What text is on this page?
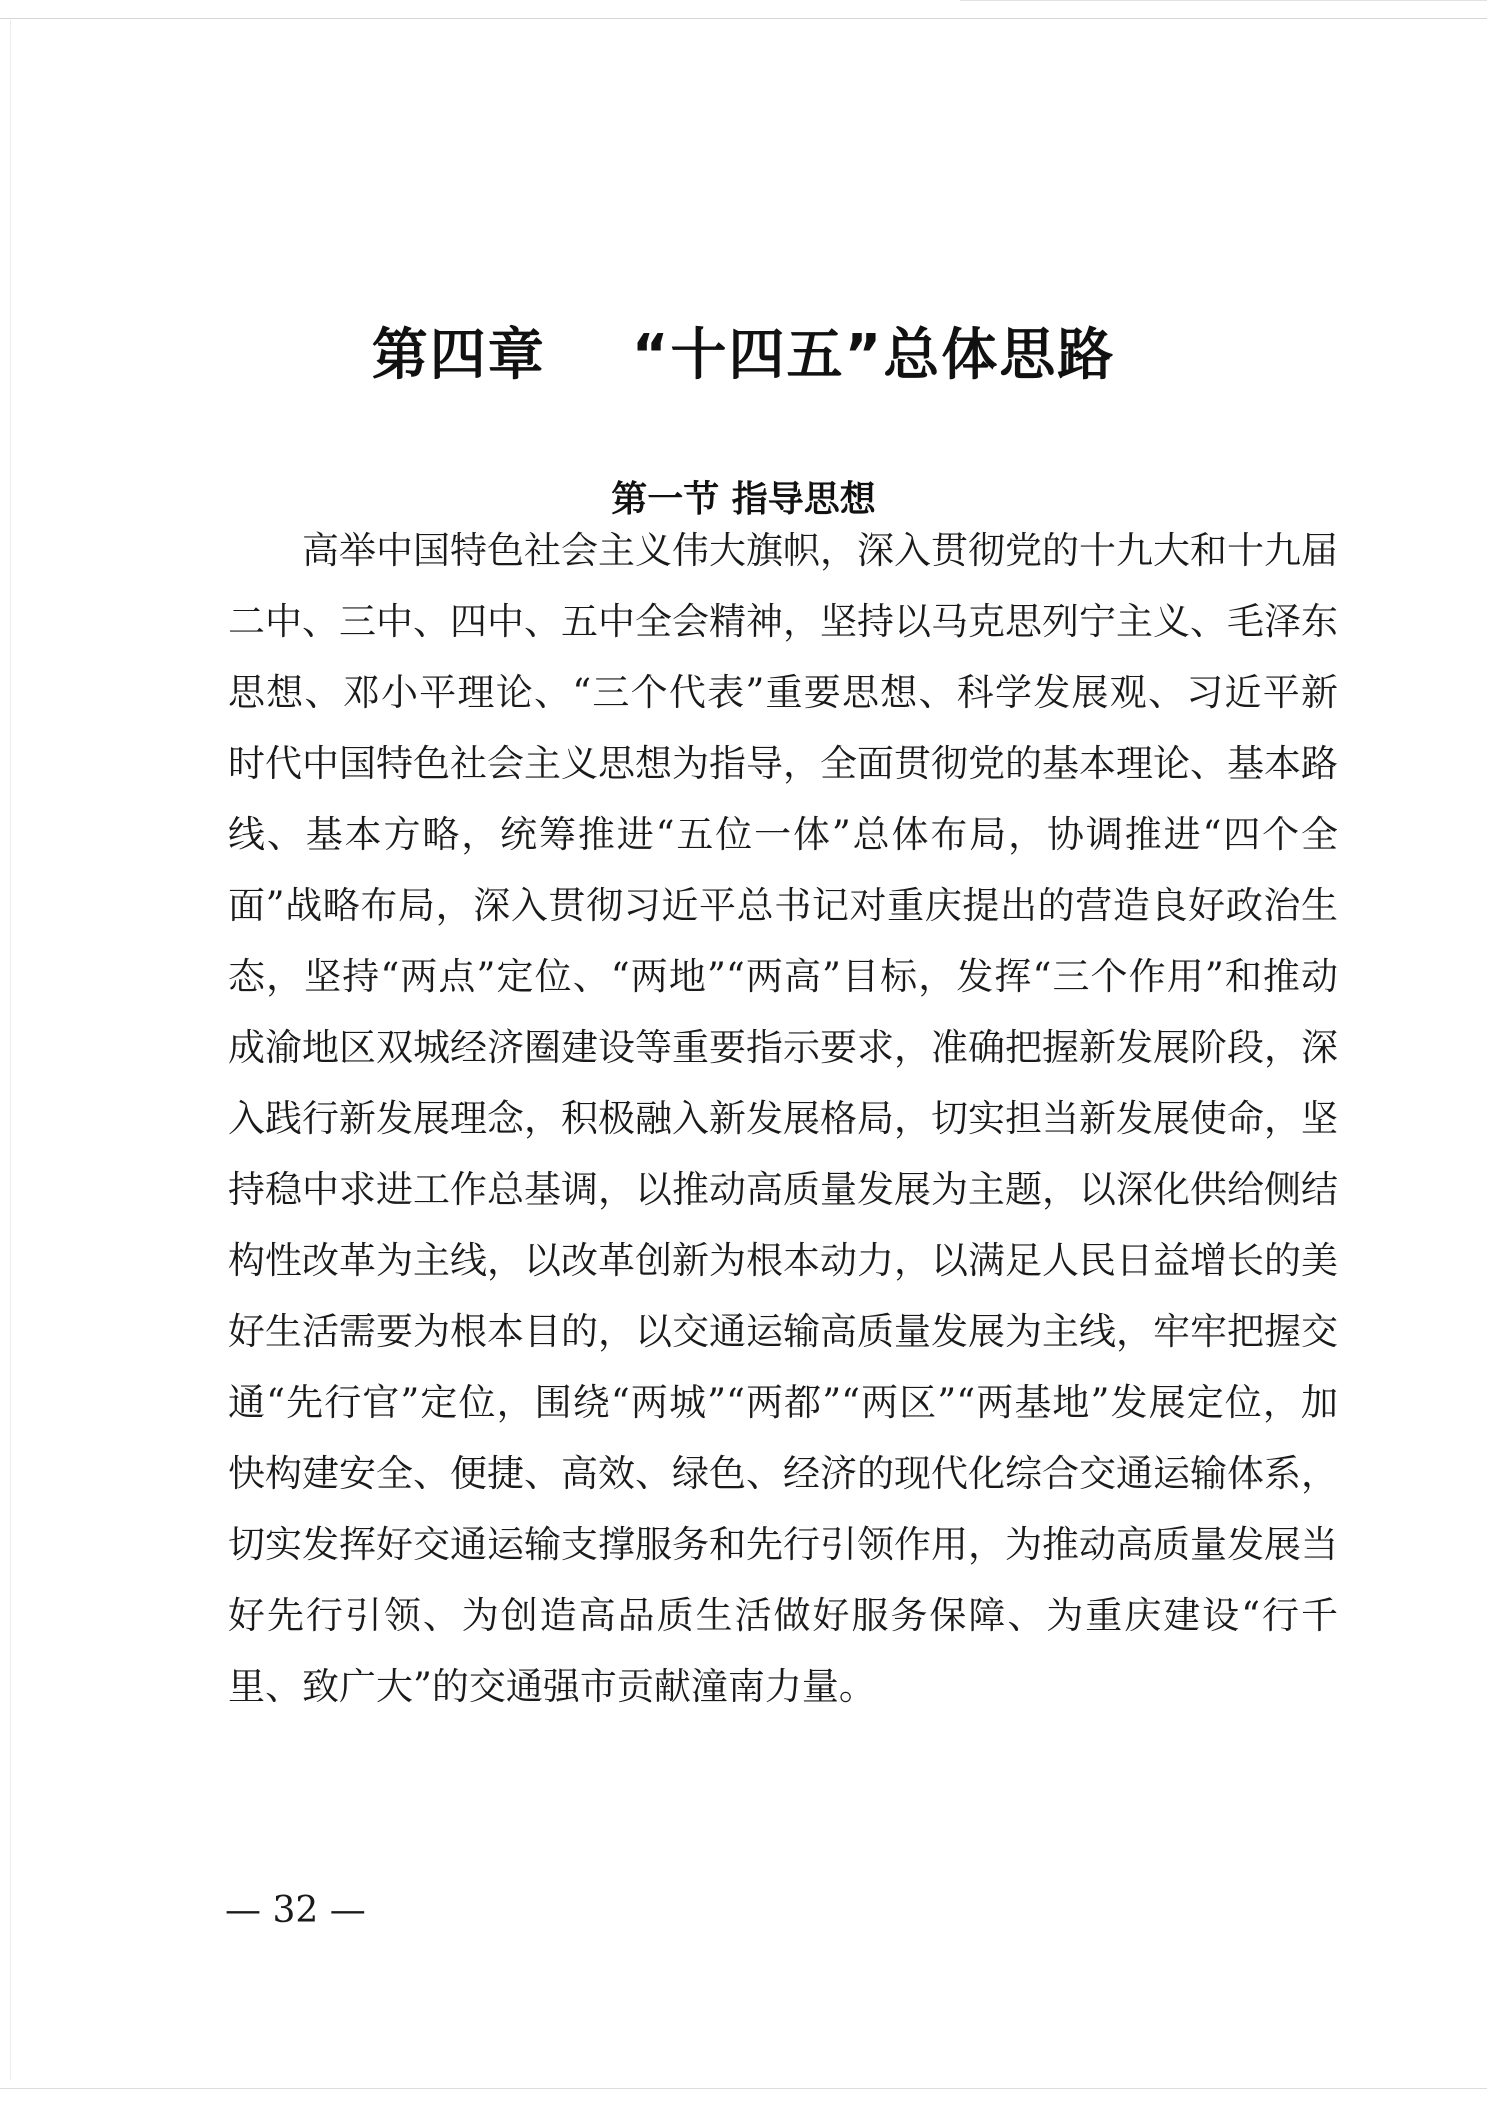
第四章    “十四五”总体思路
第一节 指导思想

高举中国特色社会主义伟大旗帜，深入贯彻党的十九大和十九届二中、三中、四中、五中全会精神，坚持以马克思列宁主义、毛泽东思想、邓小平理论、“三个代表”重要思想、科学发展观、习近平新时代中国特色社会主义思想为指导，全面贯彻党的基本理论、基本路线、基本方略，统筹推进“五位一体”总体布局，协调推进“四个全面”战略布局，深入贯彻习近平总书记对重庆提出的营造良好政治生态，坚持“两点”定位、“两地”“两高”目标，发挥“三个作用”和推动成渝地区双城经济圈建设等重要指示要求，准确把握新发展阶段，深入践行新发展理念，积极融入新发展格局，切实担当新发展使命，坚持稳中求进工作总基调，以推动高质量发展为主题，以深化供给侧结构性改革为主线，以改革创新为根本动力，以满足人民日益增长的美好生活需要为根本目的，以交通运输高质量发展为主线，牢牢把握交通“先行官”定位，围绕“两城”“两都”“两区”“两基地”发展定位，加快构建安全、便捷、高效、绿色、经济的现代化综合交通运输体系，切实发挥好交通运输支撑服务和先行引领作用，为推动高质量发展当好先行引领、为创造高品质生活做好服务保障、为重庆建设“行千里、致广大”的交通强市贡献潼南力量。

— 32 —
